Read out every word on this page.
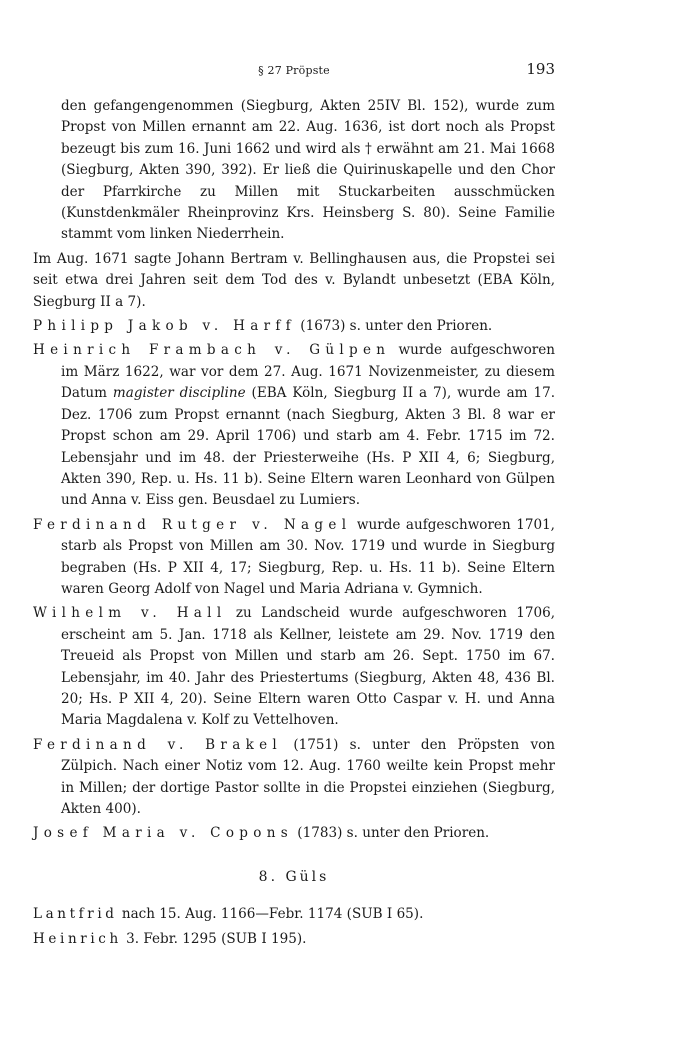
§ 27 Pröpste	193

den gefangengenommen (Siegburg, Akten 25IV Bl. 152), wurde zum Propst von Millen ernannt am 22. Aug. 1636, ist dort noch als Propst bezeugt bis zum 16. Juni 1662 und wird als † erwähnt am 21. Mai 1668 (Siegburg, Akten 390, 392). Er ließ die Quirinuskapelle und den Chor der Pfarrkirche zu Millen mit Stuckarbeiten ausschmücken (Kunstdenkmäler Rheinprovinz Krs. Heinsberg S. 80). Seine Familie stammt vom linken Niederrhein.

Im Aug. 1671 sagte Johann Bertram v. Bellinghausen aus, die Propstei sei seit etwa drei Jahren seit dem Tod des v. Bylandt unbesetzt (EBA Köln, Siegburg II a 7).

Philipp Jakob v. Harff (1673) s. unter den Prioren.

Heinrich Frambach v. Gülpen wurde aufgeschworen im März 1622, war vor dem 27. Aug. 1671 Novizenmeister, zu diesem Datum magister discipline (EBA Köln, Siegburg II a 7), wurde am 17. Dez. 1706 zum Propst ernannt (nach Siegburg, Akten 3 Bl. 8 war er Propst schon am 29. April 1706) und starb am 4. Febr. 1715 im 72. Lebensjahr und im 48. der Priesterweihe (Hs. P XII 4, 6; Siegburg, Akten 390, Rep. u. Hs. 11 b). Seine Eltern waren Leonhard von Gülpen und Anna v. Eiss gen. Beusdael zu Lumiers.

Ferdinand Rutger v. Nagel wurde aufgeschworen 1701, starb als Propst von Millen am 30. Nov. 1719 und wurde in Siegburg begraben (Hs. P XII 4, 17; Siegburg, Rep. u. Hs. 11 b). Seine Eltern waren Georg Adolf von Nagel und Maria Adriana v. Gymnich.

Wilhelm v. Hall zu Landscheid wurde aufgeschworen 1706, erscheint am 5. Jan. 1718 als Kellner, leistete am 29. Nov. 1719 den Treueid als Propst von Millen und starb am 26. Sept. 1750 im 67. Lebensjahr, im 40. Jahr des Priestertums (Siegburg, Akten 48, 436 Bl. 20; Hs. P XII 4, 20). Seine Eltern waren Otto Caspar v. H. und Anna Maria Magdalena v. Kolf zu Vettelhoven.

Ferdinand v. Brakel (1751) s. unter den Pröpsten von Zülpich. Nach einer Notiz vom 12. Aug. 1760 weilte kein Propst mehr in Millen; der dortige Pastor sollte in die Propstei einziehen (Siegburg, Akten 400).

Josef Maria v. Copons (1783) s. unter den Prioren.

8. Güls

Lantfrid nach 15. Aug. 1166—Febr. 1174 (SUB I 65).

Heinrich 3. Febr. 1295 (SUB I 195).
